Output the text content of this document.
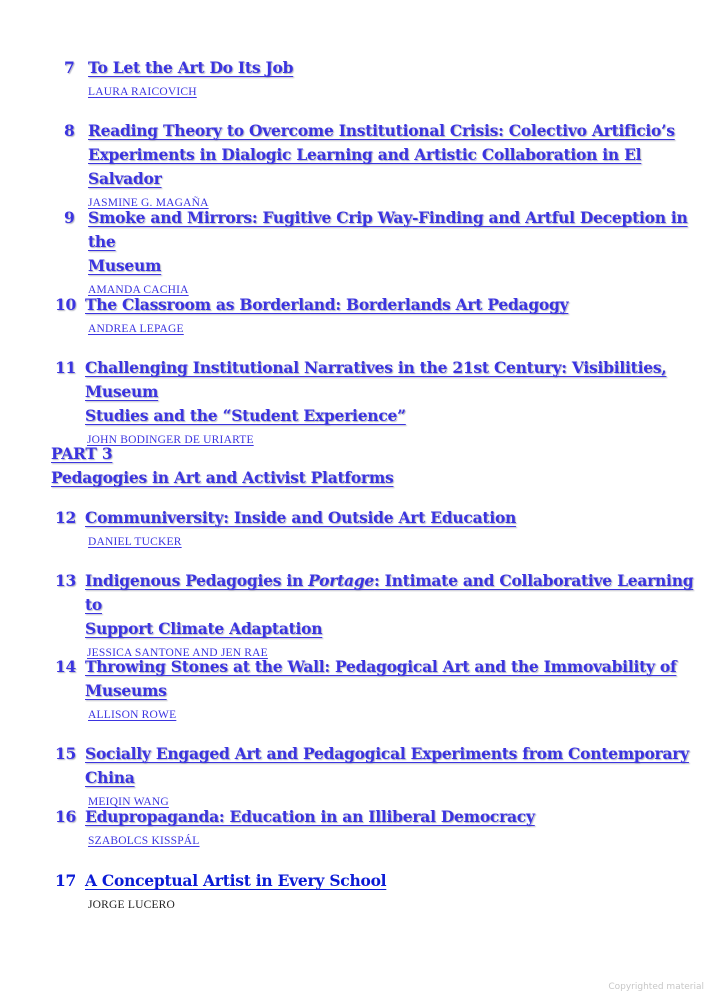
7 To Let the Art Do Its Job
LAURA RAICOVICH
8 Reading Theory to Overcome Institutional Crisis: Colectivo Artificio’s
Experiments in Dialogic Learning and Artistic Collaboration in El Salvador
JASMINE G. MAGAÑA
9 Smoke and Mirrors: Fugitive Crip Way-Finding and Artful Deception in the
Museum
AMANDA CACHIA
10 The Classroom as Borderland: Borderlands Art Pedagogy
ANDREA LEPAGE
11 Challenging Institutional Narratives in the 21st Century: Visibilities, Museum
Studies and the “Student Experience”
JOHN BODINGER DE URIARTE
PART 3
Pedagogies in Art and Activist Platforms
12 Communiversity: Inside and Outside Art Education
DANIEL TUCKER
13 Indigenous Pedagogies in Portage: Intimate and Collaborative Learning to
Support Climate Adaptation
JESSICA SANTONE AND JEN RAE
14 Throwing Stones at the Wall: Pedagogical Art and the Immovability of
Museums
ALLISON ROWE
15 Socially Engaged Art and Pedagogical Experiments from Contemporary China
MEIQIN WANG
16 Edupropaganda: Education in an Illiberal Democracy
SZABOLCS KISSPÁL
17 A Conceptual Artist in Every School
JORGE LUCERO
Copyrighted material
